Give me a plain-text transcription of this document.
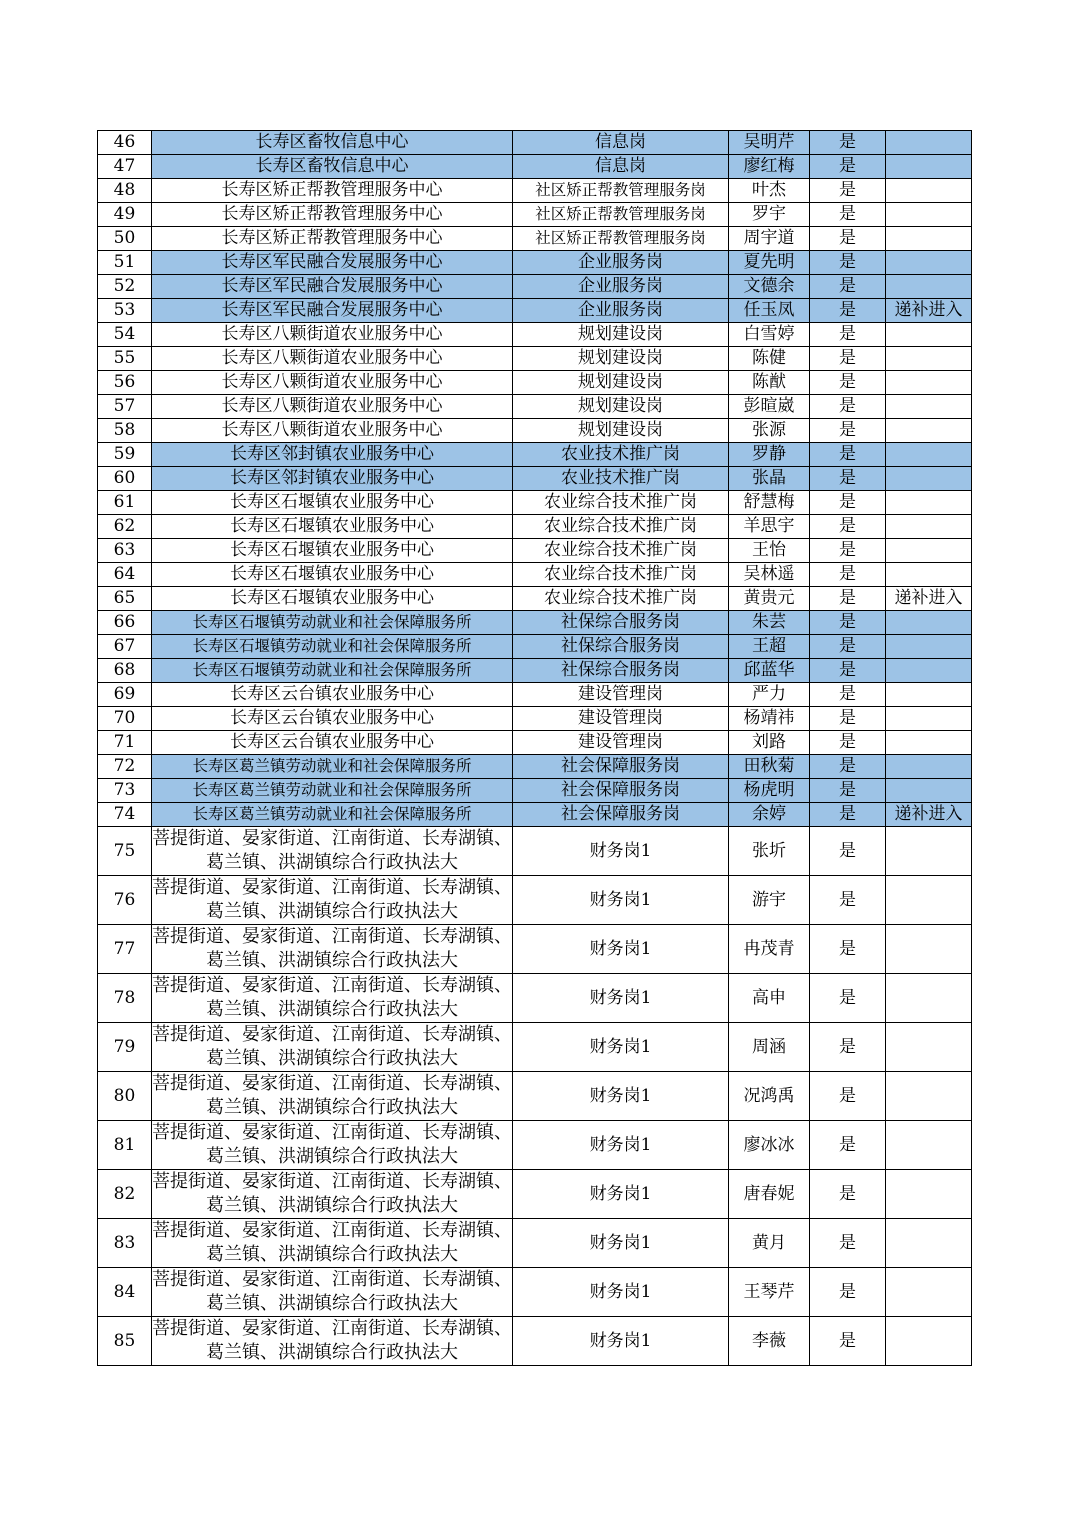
46	长寿区畜牧信息中心	信息岗	吴明芹	是	
47	长寿区畜牧信息中心	信息岗	廖红梅	是	
48	长寿区矫正帮教管理服务中心	社区矫正帮教管理服务岗	叶杰	是	
49	长寿区矫正帮教管理服务中心	社区矫正帮教管理服务岗	罗宇	是	
50	长寿区矫正帮教管理服务中心	社区矫正帮教管理服务岗	周宇道	是	
51	长寿区军民融合发展服务中心	企业服务岗	夏先明	是	
52	长寿区军民融合发展服务中心	企业服务岗	文德余	是	
53	长寿区军民融合发展服务中心	企业服务岗	任玉凤	是	递补进入
54	长寿区八颗街道农业服务中心	规划建设岗	白雪婷	是	
55	长寿区八颗街道农业服务中心	规划建设岗	陈健	是	
56	长寿区八颗街道农业服务中心	规划建设岗	陈猷	是	
57	长寿区八颗街道农业服务中心	规划建设岗	彭暄崴	是	
58	长寿区八颗街道农业服务中心	规划建设岗	张源	是	
59	长寿区邻封镇农业服务中心	农业技术推广岗	罗静	是	
60	长寿区邻封镇农业服务中心	农业技术推广岗	张晶	是	
61	长寿区石堰镇农业服务中心	农业综合技术推广岗	舒慧梅	是	
62	长寿区石堰镇农业服务中心	农业综合技术推广岗	羊思宇	是	
63	长寿区石堰镇农业服务中心	农业综合技术推广岗	王怡	是	
64	长寿区石堰镇农业服务中心	农业综合技术推广岗	吴林遥	是	
65	长寿区石堰镇农业服务中心	农业综合技术推广岗	黄贵元	是	递补进入
66	长寿区石堰镇劳动就业和社会保障服务所	社保综合服务岗	朱芸	是	
67	长寿区石堰镇劳动就业和社会保障服务所	社保综合服务岗	王超	是	
68	长寿区石堰镇劳动就业和社会保障服务所	社保综合服务岗	邱蓝华	是	
69	长寿区云台镇农业服务中心	建设管理岗	严力	是	
70	长寿区云台镇农业服务中心	建设管理岗	杨靖祎	是	
71	长寿区云台镇农业服务中心	建设管理岗	刘路	是	
72	长寿区葛兰镇劳动就业和社会保障服务所	社会保障服务岗	田秋菊	是	
73	长寿区葛兰镇劳动就业和社会保障服务所	社会保障服务岗	杨虎明	是	
74	长寿区葛兰镇劳动就业和社会保障服务所	社会保障服务岗	余婷	是	递补进入
75	菩提街道、晏家街道、江南街道、长寿湖镇、葛兰镇、洪湖镇综合行政执法大	财务岗1	张圻	是	
76	菩提街道、晏家街道、江南街道、长寿湖镇、葛兰镇、洪湖镇综合行政执法大	财务岗1	游宇	是	
77	菩提街道、晏家街道、江南街道、长寿湖镇、葛兰镇、洪湖镇综合行政执法大	财务岗1	冉茂青	是	
78	菩提街道、晏家街道、江南街道、长寿湖镇、葛兰镇、洪湖镇综合行政执法大	财务岗1	高申	是	
79	菩提街道、晏家街道、江南街道、长寿湖镇、葛兰镇、洪湖镇综合行政执法大	财务岗1	周涵	是	
80	菩提街道、晏家街道、江南街道、长寿湖镇、葛兰镇、洪湖镇综合行政执法大	财务岗1	况鸿禹	是	
81	菩提街道、晏家街道、江南街道、长寿湖镇、葛兰镇、洪湖镇综合行政执法大	财务岗1	廖冰冰	是	
82	菩提街道、晏家街道、江南街道、长寿湖镇、葛兰镇、洪湖镇综合行政执法大	财务岗1	唐春妮	是	
83	菩提街道、晏家街道、江南街道、长寿湖镇、葛兰镇、洪湖镇综合行政执法大	财务岗1	黄月	是	
84	菩提街道、晏家街道、江南街道、长寿湖镇、葛兰镇、洪湖镇综合行政执法大	财务岗1	王琴芹	是	
85	菩提街道、晏家街道、江南街道、长寿湖镇、葛兰镇、洪湖镇综合行政执法大	财务岗1	李薇	是	
